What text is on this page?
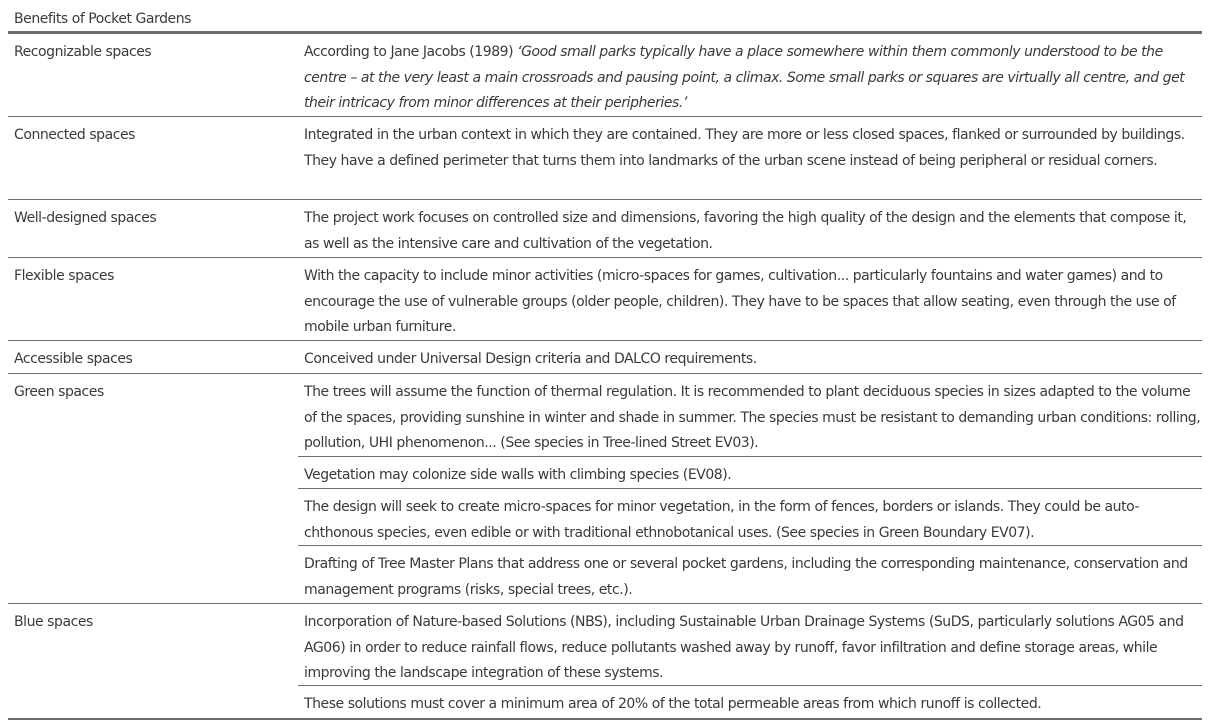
Benefits of Pocket Gardens
Recognizable spaces	According to Jane Jacobs (1989) ‘Good small parks typically have a place somewhere within them commonly understood to be the centre – at the very least a main crossroads and pausing point, a climax. Some small parks or squares are virtually all centre, and get their intricacy from minor differences at their peripheries.’
Connected spaces	Integrated in the urban context in which they are contained. They are more or less closed spaces, flanked or surrounded by buildings. They have a defined perimeter that turns them into landmarks of the urban scene instead of being peripheral or residual corners.
Well-designed spaces	The project work focuses on controlled size and dimensions, favoring the high quality of the design and the elements that compose it, as well as the intensive care and cultivation of the vegetation.
Flexible spaces	With the capacity to include minor activities (micro-spaces for games, cultivation... particularly fountains and water games) and to encourage the use of vulnerable groups (older people, children). They have to be spaces that allow seating, even through the use of mobile urban furniture.
Accessible spaces	Conceived under Universal Design criteria and DALCO requirements.
Green spaces	The trees will assume the function of thermal regulation. It is recommended to plant deciduous species in sizes adapted to the volume of the spaces, providing sunshine in winter and shade in summer. The species must be resistant to demanding urban conditions: rolling, pollution, UHI phenomenon... (See species in Tree-lined Street EV03).
Vegetation may colonize side walls with climbing species (EV08).
The design will seek to create micro-spaces for minor vegetation, in the form of fences, borders or islands. They could be auto-chthonous species, even edible or with traditional ethnobotanical uses. (See species in Green Boundary EV07).
Drafting of Tree Master Plans that address one or several pocket gardens, including the corresponding maintenance, conservation and management programs (risks, special trees, etc.).
Blue spaces	Incorporation of Nature-based Solutions (NBS), including Sustainable Urban Drainage Systems (SuDS, particularly solutions AG05 and AG06) in order to reduce rainfall flows, reduce pollutants washed away by runoff, favor infiltration and define storage areas, while improving the landscape integration of these systems.
These solutions must cover a minimum area of 20% of the total permeable areas from which runoff is collected.
